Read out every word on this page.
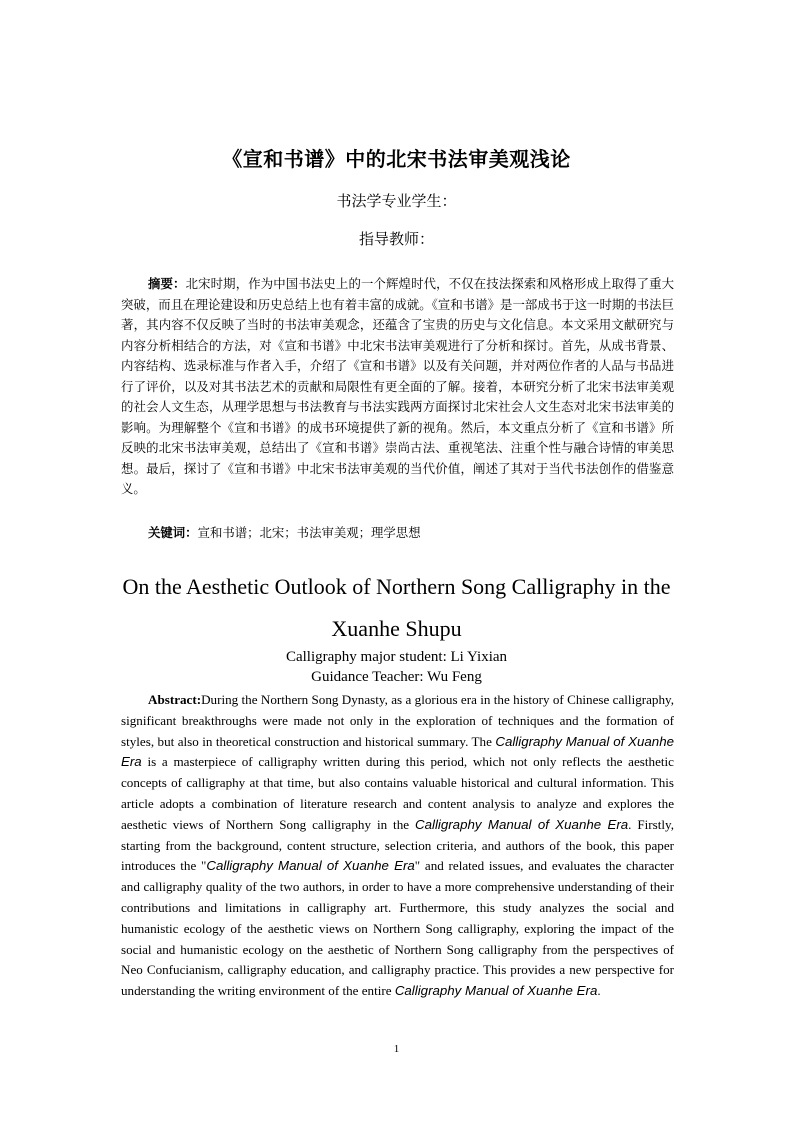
《宣和书谱》中的北宋书法审美观浅论
书法学专业学生：
指导教师：

摘要：北宋时期，作为中国书法史上的一个辉煌时代，不仅在技法探索和风格形成上取得了重大突破，而且在理论建设和历史总结上也有着丰富的成就。《宣和书谱》是一部成书于这一时期的书法巨著，其内容不仅反映了当时的书法审美观念，还蕴含了宝贵的历史与文化信息。本文采用文献研究与内容分析相结合的方法，对《宣和书谱》中北宋书法审美观进行了分析和探讨。首先，从成书背景、内容结构、选录标准与作者入手，介绍了《宣和书谱》以及有关问题，并对两位作者的人品与书品进行了评价，以及对其书法艺术的贡献和局限性有更全面的了解。接着，本研究分析了北宋书法审美观的社会人文生态，从理学思想与书法教育与书法实践两方面探讨北宋社会人文生态对北宋书法审美的影响。为理解整个《宣和书谱》的成书环境提供了新的视角。然后，本文重点分析了《宣和书谱》所反映的北宋书法审美观，总结出了《宣和书谱》崇尚古法、重视笔法、注重个性与融合诗情的审美思想。最后，探讨了《宣和书谱》中北宋书法审美观的当代价值，阐述了其对于当代书法创作的借鉴意义。

关键词：宣和书谱；北宋；书法审美观；理学思想
On the Aesthetic Outlook of Northern Song Calligraphy in the Xuanhe Shupu
Calligraphy major student: Li Yixian
Guidance Teacher: Wu Feng

Abstract:During the Northern Song Dynasty, as a glorious era in the history of Chinese calligraphy, significant breakthroughs were made not only in the exploration of techniques and the formation of styles, but also in theoretical construction and historical summary. The Calligraphy Manual of Xuanhe Era is a masterpiece of calligraphy written during this period, which not only reflects the aesthetic concepts of calligraphy at that time, but also contains valuable historical and cultural information. This article adopts a combination of literature research and content analysis to analyze and explores the aesthetic views of Northern Song calligraphy in the Calligraphy Manual of Xuanhe Era. Firstly, starting from the background, content structure, selection criteria, and authors of the book, this paper introduces the "Calligraphy Manual of Xuanhe Era" and related issues, and evaluates the character and calligraphy quality of the two authors, in order to have a more comprehensive understanding of their contributions and limitations in calligraphy art. Furthermore, this study analyzes the social and humanistic ecology of the aesthetic views on Northern Song calligraphy, exploring the impact of the social and humanistic ecology on the aesthetic of Northern Song calligraphy from the perspectives of Neo Confucianism, calligraphy education, and calligraphy practice. This provides a new perspective for understanding the writing environment of the entire Calligraphy Manual of Xuanhe Era.

1
